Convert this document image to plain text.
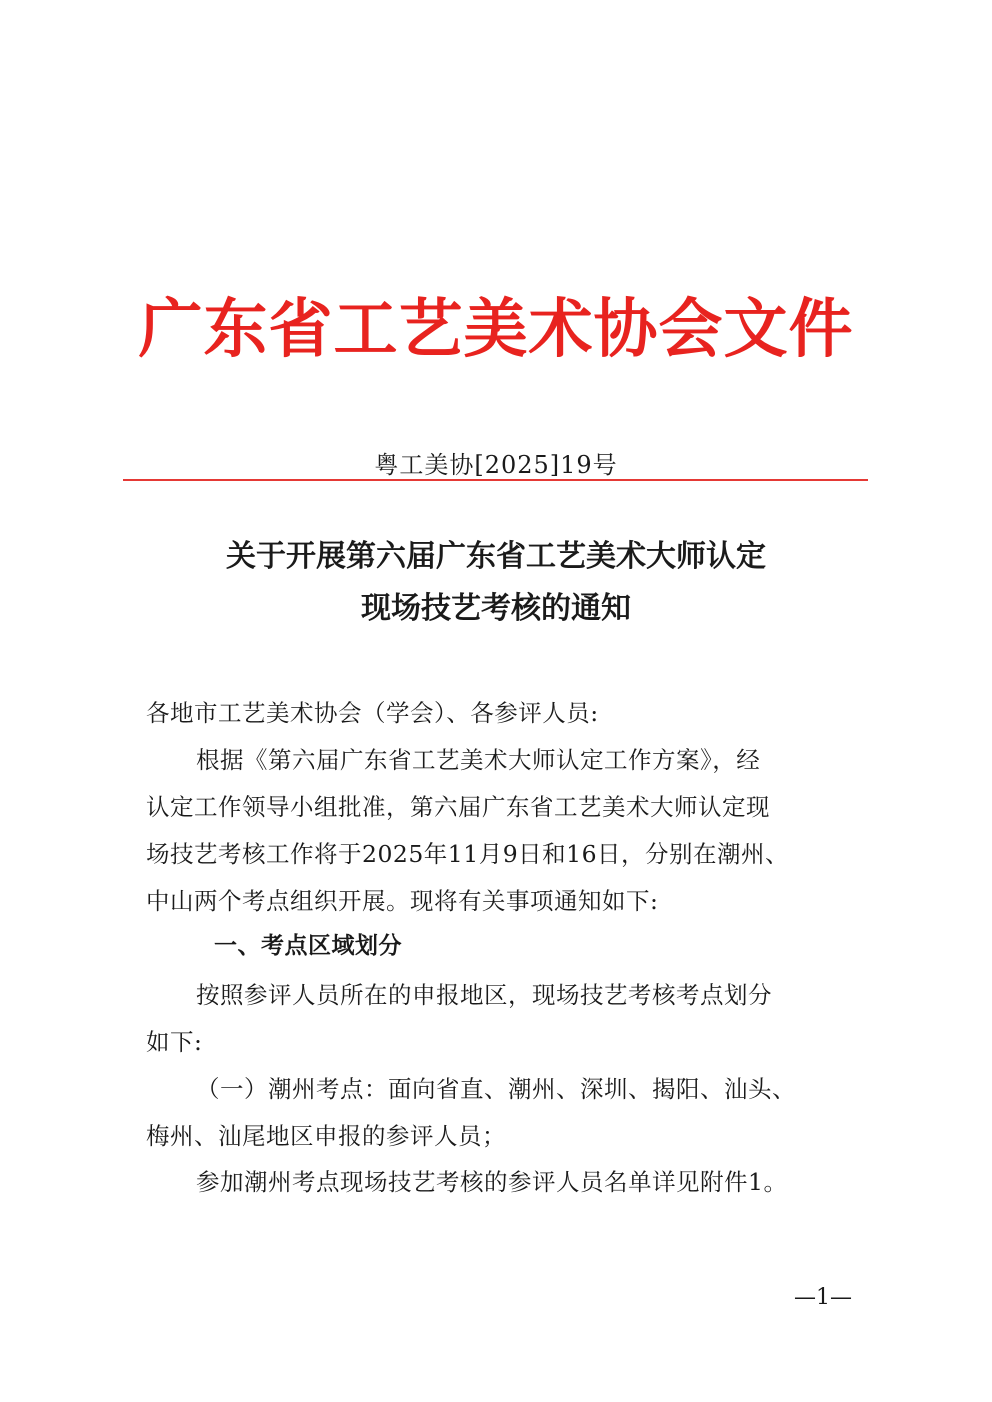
广东省工艺美术协会文件
粤工美协[2025]19号
关于开展第六届广东省工艺美术大师认定
现场技艺考核的通知
各地市工艺美术协会（学会）、各参评人员:
根据《第六届广东省工艺美术大师认定工作方案》，经
认定工作领导小组批准，第六届广东省工艺美术大师认定现
场技艺考核工作将于2025年11月9日和16日，分别在潮州、
中山两个考点组织开展。现将有关事项通知如下:
一、考点区域划分
按照参评人员所在的申报地区，现场技艺考核考点划分
如下:
（一）潮州考点：面向省直、潮州、深圳、揭阳、汕头、
梅州、汕尾地区申报的参评人员；
参加潮州考点现场技艺考核的参评人员名单详见附件1。
—1—
